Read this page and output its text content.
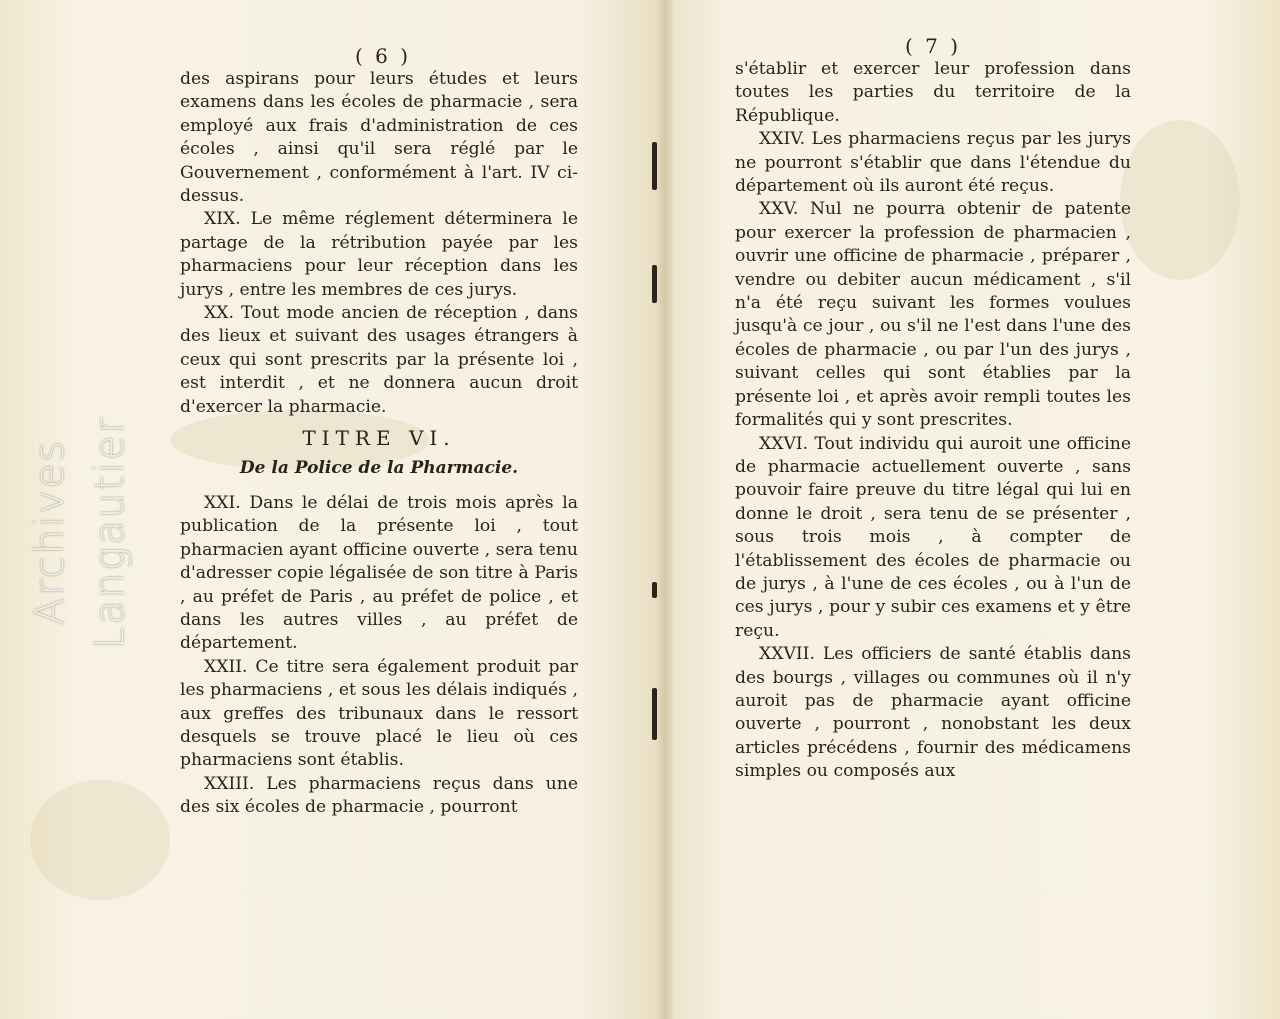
Archives Langautier
( 6 )

des aspirans pour leurs études et leurs examens dans les écoles de pharmacie , sera employé aux frais d'administration de ces écoles , ainsi qu'il sera réglé par le Gouvernement , conformément à l'art. IV ci-dessus.

XIX. Le même réglement déterminera le partage de la rétribution payée par les pharmaciens pour leur réception dans les jurys , entre les membres de ces jurys.

XX. Tout mode ancien de réception , dans des lieux et suivant des usages étrangers à ceux qui sont prescrits par la présente loi , est interdit , et ne donnera aucun droit d'exercer la pharmacie.

TITRE VI.
De la Police de la Pharmacie.

XXI. Dans le délai de trois mois après la publication de la présente loi , tout pharmacien ayant officine ouverte , sera tenu d'adresser copie légalisée de son titre à Paris , au préfet de Paris , au préfet de police , et dans les autres villes , au préfet de département.

XXII. Ce titre sera également produit par les pharmaciens , et sous les délais indiqués , aux greffes des tribunaux dans le ressort desquels se trouve placé le lieu où ces pharmaciens sont établis.

XXIII. Les pharmaciens reçus dans une des six écoles de pharmacie , pourront

( 7 )

s'établir et exercer leur profession dans toutes les parties du territoire de la République.

XXIV. Les pharmaciens reçus par les jurys ne pourront s'établir que dans l'étendue du département où ils auront été reçus.

XXV. Nul ne pourra obtenir de patente pour exercer la profession de pharmacien , ouvrir une officine de pharmacie , préparer , vendre ou debiter aucun médicament , s'il n'a été reçu suivant les formes voulues jusqu'à ce jour , ou s'il ne l'est dans l'une des écoles de pharmacie , ou par l'un des jurys , suivant celles qui sont établies par la présente loi , et après avoir rempli toutes les formalités qui y sont prescrites.

XXVI. Tout individu qui auroit une officine de pharmacie actuellement ouverte , sans pouvoir faire preuve du titre légal qui lui en donne le droit , sera tenu de se présenter , sous trois mois , à compter de l'établissement des écoles de pharmacie ou de jurys , à l'une de ces écoles , ou à l'un de ces jurys , pour y subir ces examens et y être reçu.

XXVII. Les officiers de santé établis dans des bourgs , villages ou communes où il n'y auroit pas de pharmacie ayant officine ouverte , pourront , nonobstant les deux articles précédens , fournir des médicamens simples ou composés aux
